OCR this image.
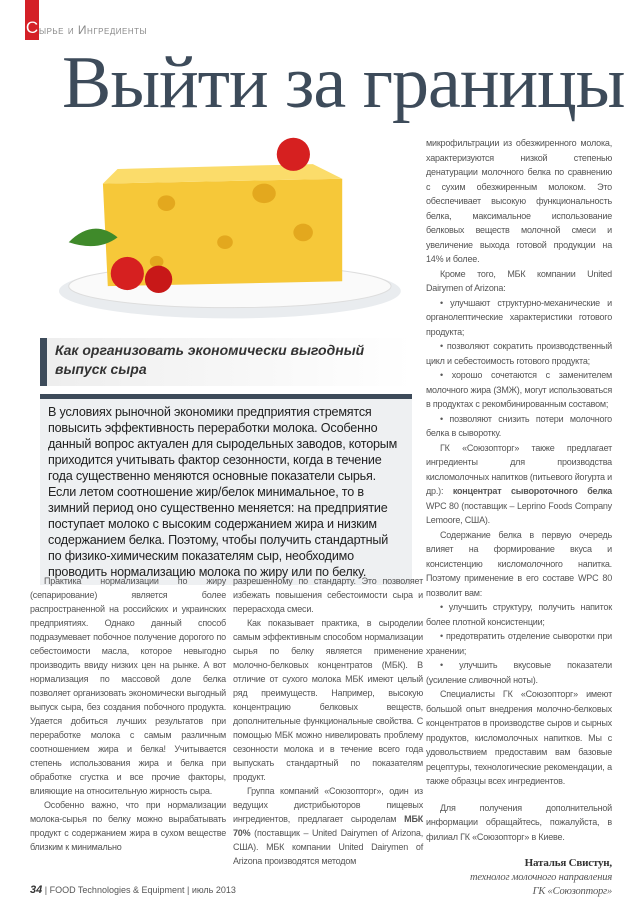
С ырье и Ингредиенты
Выйти за границы
Как организовать экономически выгодный выпуск сыра
В условиях рыночной экономики предприятия стремятся повысить эффективность переработки молока. Особенно данный вопрос актуален для сыродельных заводов, которым приходится учитывать фактор сезонности, когда в течение года существенно меняются основные показатели сырья. Если летом соотношение жир/белок минимальное, то в зимний период оно существенно меняется: на предприятие поступает молоко с высоким содержанием жира и низким содержанием белка. Поэтому, чтобы получить стандартный по физико-химическим показателям сыр, необходимо проводить нормализацию молока по жиру или по белку.

Практика нормализации по жиру (сепарирование) является более распространенной на российских и украинских предприятиях. Однако данный способ подразумевает побочное получение дорогого по себестоимости масла, которое невыгодно производить ввиду низких цен на рынке. А вот нормализация по массовой доле белка позволяет организовать экономически выгодный выпуск сыра, без создания побочного продукта. Удается добиться лучших результатов при переработке молока с самым различным соотношением жира и белка! Учитывается степень использования жира и белка при обработке сгустка и все прочие факторы, влияющие на относительную жирность сыра.

Особенно важно, что при нормализации молока-сырья по белку можно вырабатывать продукт с содержанием жира в сухом веществе близким к минимально

разрешенному по стандарту. Это позволяет избежать повышения себестоимости сыра и перерасхода смеси.

Как показывает практика, в сыроделии самым эффективным способом нормализации сырья по белку является применение молочно-белковых концентратов (МБК). В отличие от сухого молока МБК имеют целый ряд преимуществ. Например, высокую концентрацию белковых веществ, дополнительные функциональные свойства. С помощью МБК можно нивелировать проблему сезонности молока и в течение всего года выпускать стандартный по показателям продукт.

Группа компаний «Союзопторг», один из ведущих дистрибьюторов пищевых ингредиентов, предлагает сыроделам МБК 70% (поставщик – United Dairymen of Arizona, США). МБК компании United Dairymen of Arizona производятся методом

микрофильтрации из обезжиренного молока, характеризуются низкой степенью денатурации молочного белка по сравнению с сухим обезжиренным молоком. Это обеспечивает высокую функциональность белка, максимальное использование белковых веществ молочной смеси и увеличение выхода готовой продукции на 14% и более.

Кроме того, МБК компании United Dairymen of Arizona:

• улучшают структурно-механические и органолептические характеристики готового продукта;

• позволяют сократить производственный цикл и себестоимость готового продукта;

• хорошо сочетаются с заменителем молочного жира (ЗМЖ), могут использоваться в продуктах с рекомбинированным составом;

• позволяют снизить потери молочного белка в сыворотку.

ГК «Союзопторг» также предлагает ингредиенты для производства кисломолочных напитков (питьевого йогурта и др.): концентрат сывороточного белка WPC 80 (поставщик – Leprino Foods Company Lemoore, США).

Содержание белка в первую очередь влияет на формирование вкуса и консистенцию кисломолочного напитка. Поэтому применение в его составе WPC 80 позволит вам:

• улучшить структуру, получить напиток более плотной консистенции;

• предотвратить отделение сыворотки при хранении;

• улучшить вкусовые показатели (усиление сливочной ноты).

Специалисты ГК «Союзопторг» имеют большой опыт внедрения молочно-белковых концентратов в производстве сыров и сырных продуктов, кисломолочных напитков. Мы с удовольствием предоставим вам базовые рецептуры, технологические рекомендации, а также образцы всех ингредиентов.

Для получения дополнительной информации обращайтесь, пожалуйста, в филиал ГК «Союзопторг» в Киеве.

Наталья Свистун,

технолог молочного направления

ГК «Союзопторг»

34 | FOOD Technologies & Equipment | июль 2013
